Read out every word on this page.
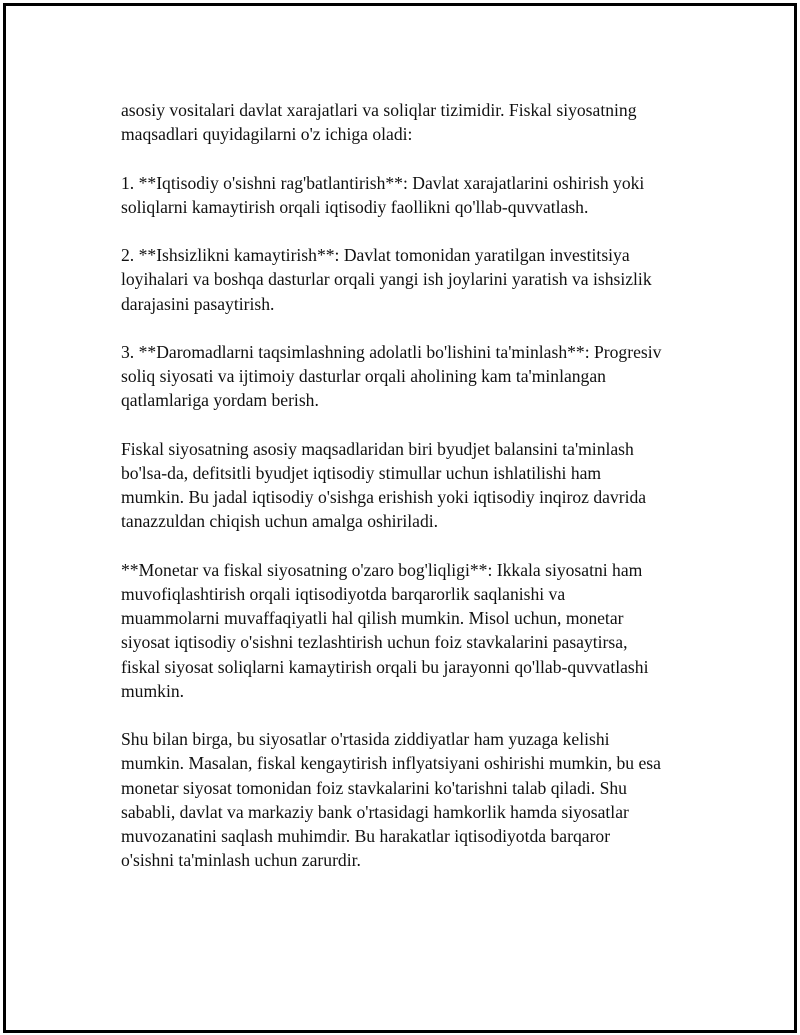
asosiy vositalari davlat xarajatlari va soliqlar tizimidir. Fiskal siyosatning
maqsadlari quyidagilarni o'z ichiga oladi:

1. **Iqtisodiy o'sishni rag'batlantirish**: Davlat xarajatlarini oshirish yoki
soliqlarni kamaytirish orqali iqtisodiy faollikni qo'llab-quvvatlash.

2. **Ishsizlikni kamaytirish**: Davlat tomonidan yaratilgan investitsiya
loyihalari va boshqa dasturlar orqali yangi ish joylarini yaratish va ishsizlik
darajasini pasaytirish.

3. **Daromadlarni taqsimlashning adolatli bo'lishini ta'minlash**: Progresiv
soliq siyosati va ijtimoiy dasturlar orqali aholining kam ta'minlangan
qatlamlariga yordam berish.

Fiskal siyosatning asosiy maqsadlaridan biri byudjet balansini ta'minlash
bo'lsa-da, defitsitli byudjet iqtisodiy stimullar uchun ishlatilishi ham
mumkin. Bu jadal iqtisodiy o'sishga erishish yoki iqtisodiy inqiroz davrida
tanazzuldan chiqish uchun amalga oshiriladi.

**Monetar va fiskal siyosatning o'zaro bog'liqligi**: Ikkala siyosatni ham
muvofiqlashtirish orqali iqtisodiyotda barqarorlik saqlanishi va
muammolarni muvaffaqiyatli hal qilish mumkin. Misol uchun, monetar
siyosat iqtisodiy o'sishni tezlashtirish uchun foiz stavkalarini pasaytirsa,
fiskal siyosat soliqlarni kamaytirish orqali bu jarayonni qo'llab-quvvatlashi
mumkin.

Shu bilan birga, bu siyosatlar o'rtasida ziddiyatlar ham yuzaga kelishi
mumkin. Masalan, fiskal kengaytirish inflyatsiyani oshirishi mumkin, bu esa
monetar siyosat tomonidan foiz stavkalarini ko'tarishni talab qiladi. Shu
sababli, davlat va markaziy bank o'rtasidagi hamkorlik hamda siyosatlar
muvozanatini saqlash muhimdir. Bu harakatlar iqtisodiyotda barqaror
o'sishni ta'minlash uchun zarurdir.
